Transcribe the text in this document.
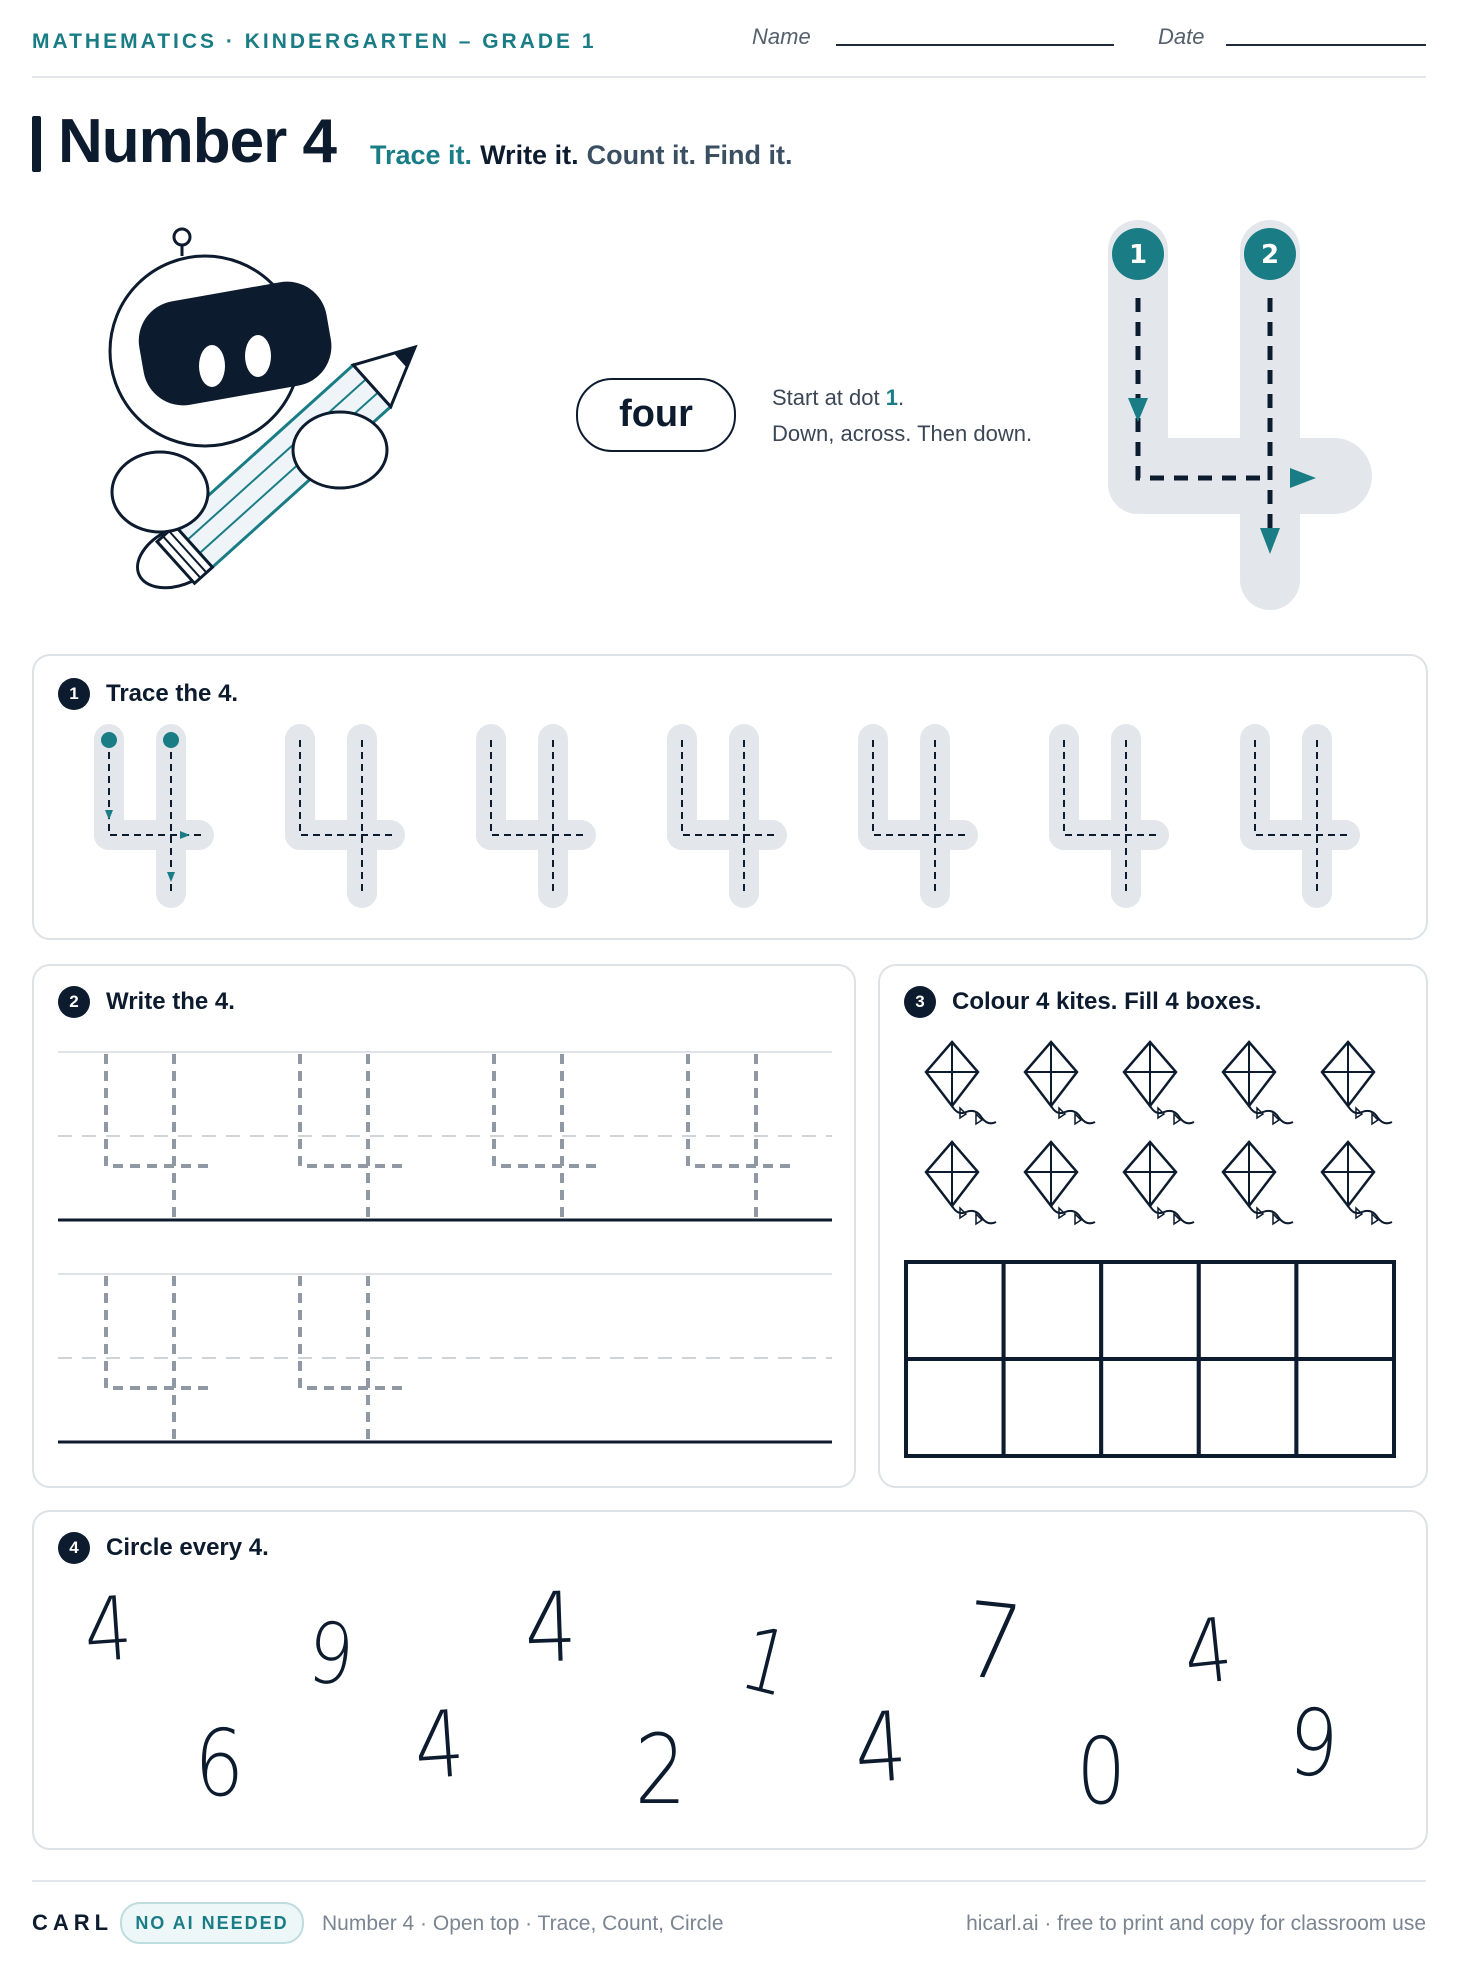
MATHEMATICS · KINDERGARTEN – GRADE 1	Name	Date
Number 4 Trace it. Write it. Count it. Find it.
four	Start at dot 1.
Down, across. Then down.
1	2
1	Trace the
4 .
2	Write the
4 .	3	Colour
4
kites. Fill
4
boxes.
4	Circle every
4 .
4 9 4 1 7 4
6 4 2 4 0 9
CARL	NO AI NEEDED	Number 4 · Open top · Trace, Count, Circle	hicarl.ai · free to print and copy for classroom use
